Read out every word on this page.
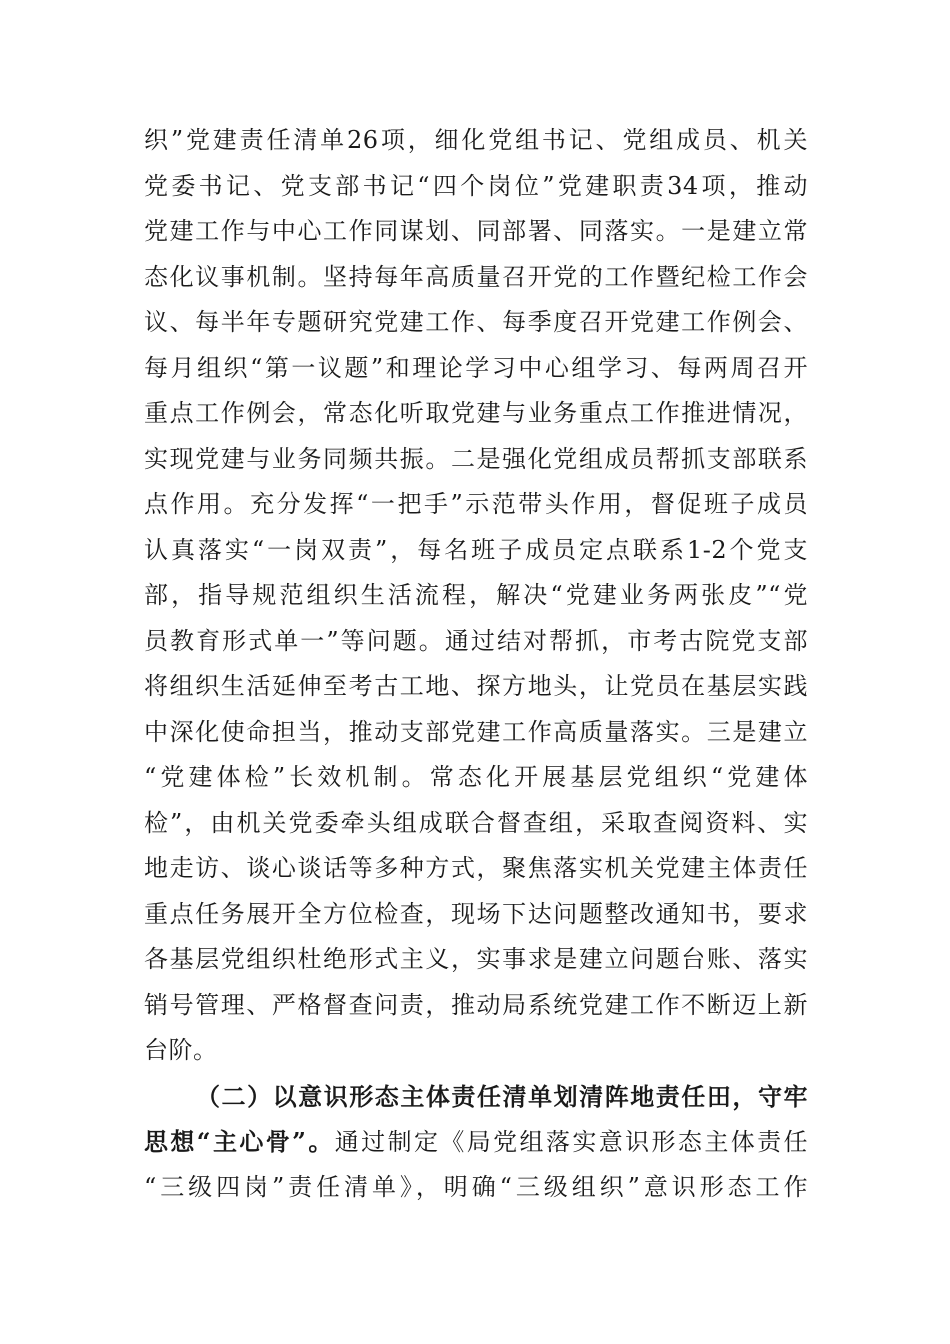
织”党建责任清单26项，细化党组书记、党组成员、机关
党委书记、党支部书记“四个岗位”党建职责34项，推动
党建工作与中心工作同谋划、同部署、同落实。一是建立常
态化议事机制。坚持每年高质量召开党的工作暨纪检工作会
议、每半年专题研究党建工作、每季度召开党建工作例会、
每月组织“第一议题”和理论学习中心组学习、每两周召开
重点工作例会，常态化听取党建与业务重点工作推进情况，
实现党建与业务同频共振。二是强化党组成员帮抓支部联系
点作用。充分发挥“一把手”示范带头作用，督促班子成员
认真落实“一岗双责”，每名班子成员定点联系1-2个党支
部，指导规范组织生活流程，解决“党建业务两张皮”“党
员教育形式单一”等问题。通过结对帮抓，市考古院党支部
将组织生活延伸至考古工地、探方地头，让党员在基层实践
中深化使命担当，推动支部党建工作高质量落实。三是建立
“党建体检”长效机制。常态化开展基层党组织“党建体
检”，由机关党委牵头组成联合督查组，采取查阅资料、实
地走访、谈心谈话等多种方式，聚焦落实机关党建主体责任
重点任务展开全方位检查，现场下达问题整改通知书，要求
各基层党组织杜绝形式主义，实事求是建立问题台账、落实
销号管理、严格督查问责，推动局系统党建工作不断迈上新
台阶。
（二）以意识形态主体责任清单划清阵地责任田，守牢
思想“主心骨”。通过制定《局党组落实意识形态主体责任
“三级四岗”责任清单》，明确“三级组织”意识形态工作
